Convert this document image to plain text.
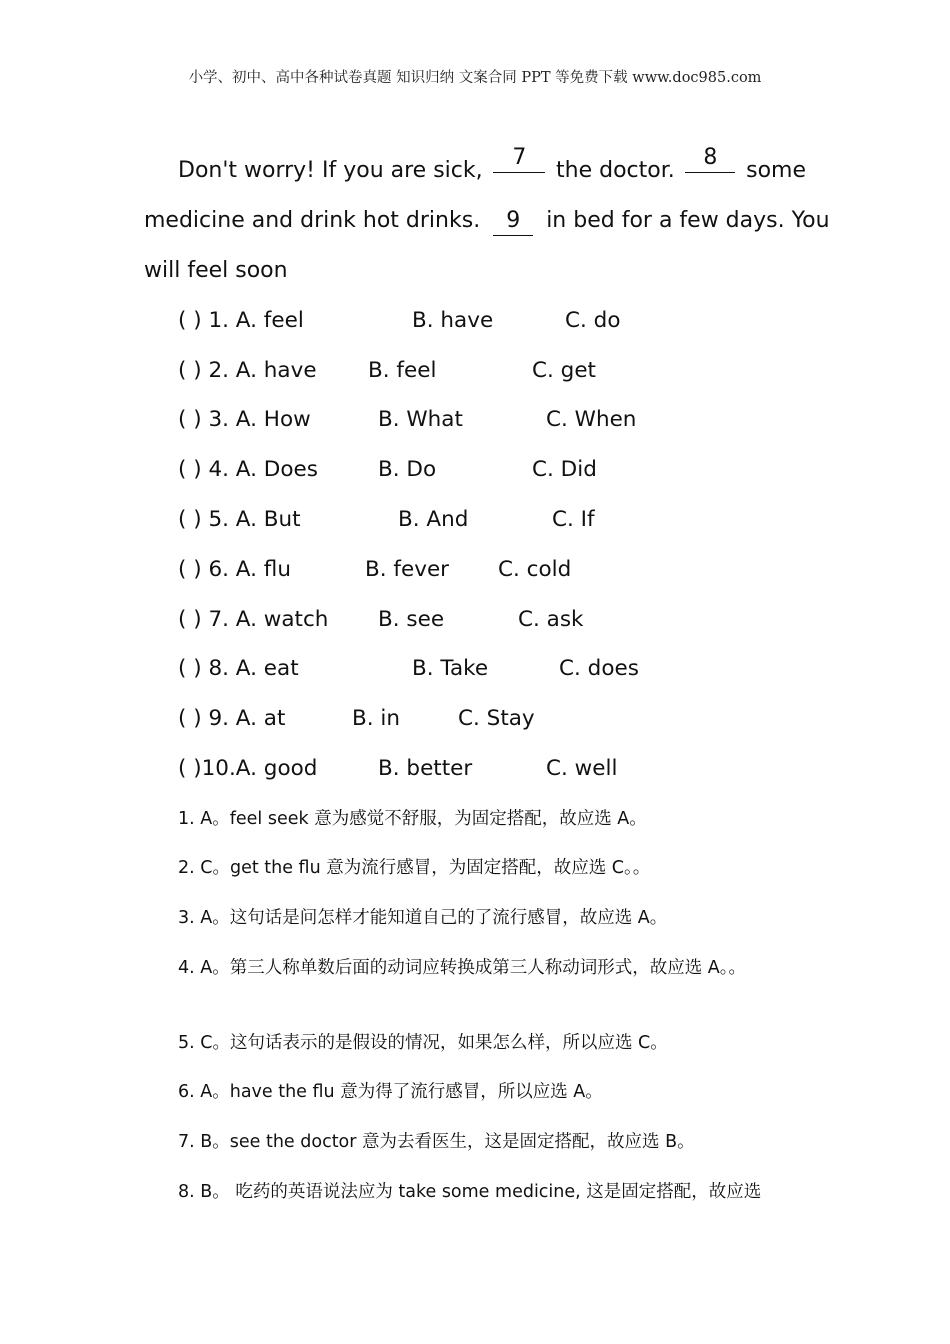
小学、初中、高中各种试卷真题 知识归纳 文案合同 PPT 等免费下载 www.doc985.com
Don't worry! If you are sick,
7
the doctor.
8
some
medicine and drink hot drinks. 9 in bed for a few days. You
will feel soon
( ) 1. A. feel	B. have	C. do
( ) 2. A. have B. feel	C. get
( ) 3. A. How	B. What	C. When
( ) 4. A. Does	B. Do	C. Did
( ) 5. A. But	B. And	C. If
( ) 6. A. flu	B. fever C. cold
( ) 7. A. watch B. see	C. ask
( ) 8. A. eat	B. Take	C. does
( ) 9. A. at	B. in	C. Stay
( )10.A. good	B. better	C. well
1. A。feel seek 意为感觉不舒服，为固定搭配，故应选 A。
2. C。get the flu 意为流行感冒，为固定搭配，故应选 C。。
3. A。这句话是问怎样才能知道自己的了流行感冒，故应选 A。
4. A。第三人称单数后面的动词应转换成第三人称动词形式，故应选 A。。
5. C。这句话表示的是假设的情况，如果怎么样，所以应选 C。
6. A。have the flu 意为得了流行感冒，所以应选 A。
7. B。see the doctor 意为去看医生，这是固定搭配，故应选 B。
8. B。 吃药的英语说法应为 take some medicine, 这是固定搭配，故应选
